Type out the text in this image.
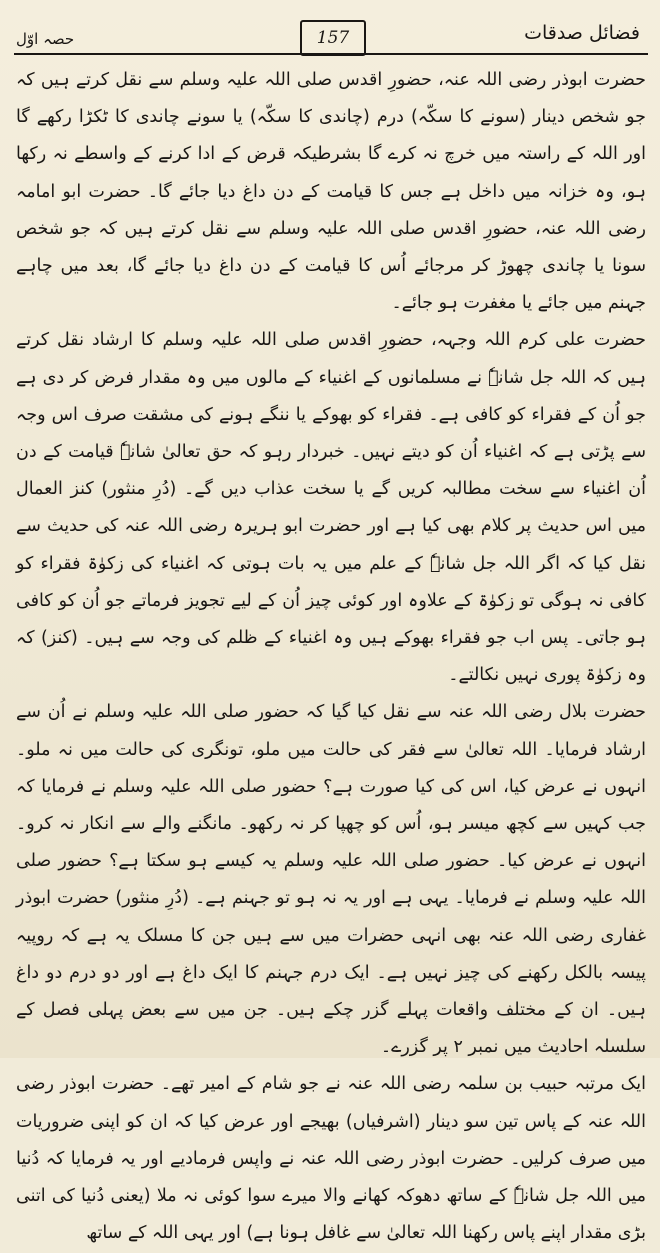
فضائل صدقات
157
حصہ اوّل

حضرت ابوذر رضی اللہ عنہ، حضورِ اقدس صلی اللہ علیہ وسلم سے نقل کرتے ہیں کہ جو شخص دینار (سونے کا سکّہ) درم (چاندی کا سکّہ) یا سونے چاندی کا ٹکڑا رکھے گا اور اللہ کے راستہ میں خرچ نہ کرے گا بشرطیکہ قرض کے ادا کرنے کے واسطے نہ رکھا ہو، وہ خزانہ میں داخل ہے جس کا قیامت کے دن داغ دیا جائے گا۔ حضرت ابو امامہ رضی اللہ عنہ، حضورِ اقدس صلی اللہ علیہ وسلم سے نقل کرتے ہیں کہ جو شخص سونا یا چاندی چھوڑ کر مرجائے اُس کا قیامت کے دن داغ دیا جائے گا، بعد میں چاہے جہنم میں جائے یا مغفرت ہو جائے۔

حضرت علی کرم اللہ وجہہ، حضورِ اقدس صلی اللہ علیہ وسلم کا ارشاد نقل کرتے ہیں کہ اللہ جل شانہٗ نے مسلمانوں کے اغنیاء کے مالوں میں وہ مقدار فرض کر دی ہے جو اُن کے فقراء کو کافی ہے۔ فقراء کو بھوکے یا ننگے ہونے کی مشقت صرف اس وجہ سے پڑتی ہے کہ اغنیاء اُن کو دیتے نہیں۔ خبردار رہو کہ حق تعالیٰ شانہٗ قیامت کے دن اُن اغنیاء سے سخت مطالبہ کریں گے یا سخت عذاب دیں گے۔ (دُرِ منثور) کنز العمال میں اس حدیث پر کلام بھی کیا ہے اور حضرت ابو ہریرہ رضی اللہ عنہ کی حدیث سے نقل کیا کہ اگر اللہ جل شانہٗ کے علم میں یہ بات ہوتی کہ اغنیاء کی زکوٰۃ فقراء کو کافی نہ ہوگی تو زکوٰۃ کے علاوہ اور کوئی چیز اُن کے لیے تجویز فرماتے جو اُن کو کافی ہو جاتی۔ پس اب جو فقراء بھوکے ہیں وہ اغنیاء کے ظلم کی وجہ سے ہیں۔ (کنز) کہ وہ زکوٰۃ پوری نہیں نکالتے۔

حضرت بلال رضی اللہ عنہ سے نقل کیا گیا کہ حضور صلی اللہ علیہ وسلم نے اُن سے ارشاد فرمایا۔ اللہ تعالیٰ سے فقر کی حالت میں ملو، تونگری کی حالت میں نہ ملو۔ انہوں نے عرض کیا، اس کی کیا صورت ہے؟ حضور صلی اللہ علیہ وسلم نے فرمایا کہ جب کہیں سے کچھ میسر ہو، اُس کو چھپا کر نہ رکھو۔ مانگنے والے سے انکار نہ کرو۔ انہوں نے عرض کیا۔ حضور صلی اللہ علیہ وسلم یہ کیسے ہو سکتا ہے؟ حضور صلی اللہ علیہ وسلم نے فرمایا۔ یہی ہے اور یہ نہ ہو تو جہنم ہے۔ (دُرِ منثور) حضرت ابوذر غفاری رضی اللہ عنہ بھی انہی حضرات میں سے ہیں جن کا مسلک یہ ہے کہ روپیہ پیسہ بالکل رکھنے کی چیز نہیں ہے۔ ایک درم جہنم کا ایک داغ ہے اور دو درم دو داغ ہیں۔ ان کے مختلف واقعات پہلے گزر چکے ہیں۔ جن میں سے بعض پہلی فصل کے سلسلہ احادیث میں نمبر ۲ پر گزرے۔

ایک مرتبہ حبیب بن سلمہ رضی اللہ عنہ نے جو شام کے امیر تھے۔ حضرت ابوذر رضی اللہ عنہ کے پاس تین سو دینار (اشرفیاں) بھیجے اور عرض کیا کہ ان کو اپنی ضروریات میں صرف کرلیں۔ حضرت ابوذر رضی اللہ عنہ نے واپس فرمادیے اور یہ فرمایا کہ دُنیا میں اللہ جل شانہٗ کے ساتھ دھوکہ کھانے والا میرے سوا کوئی نہ ملا (یعنی دُنیا کی اتنی بڑی مقدار اپنے پاس رکھنا اللہ تعالیٰ سے غافل ہونا ہے) اور یہی اللہ کے ساتھ
